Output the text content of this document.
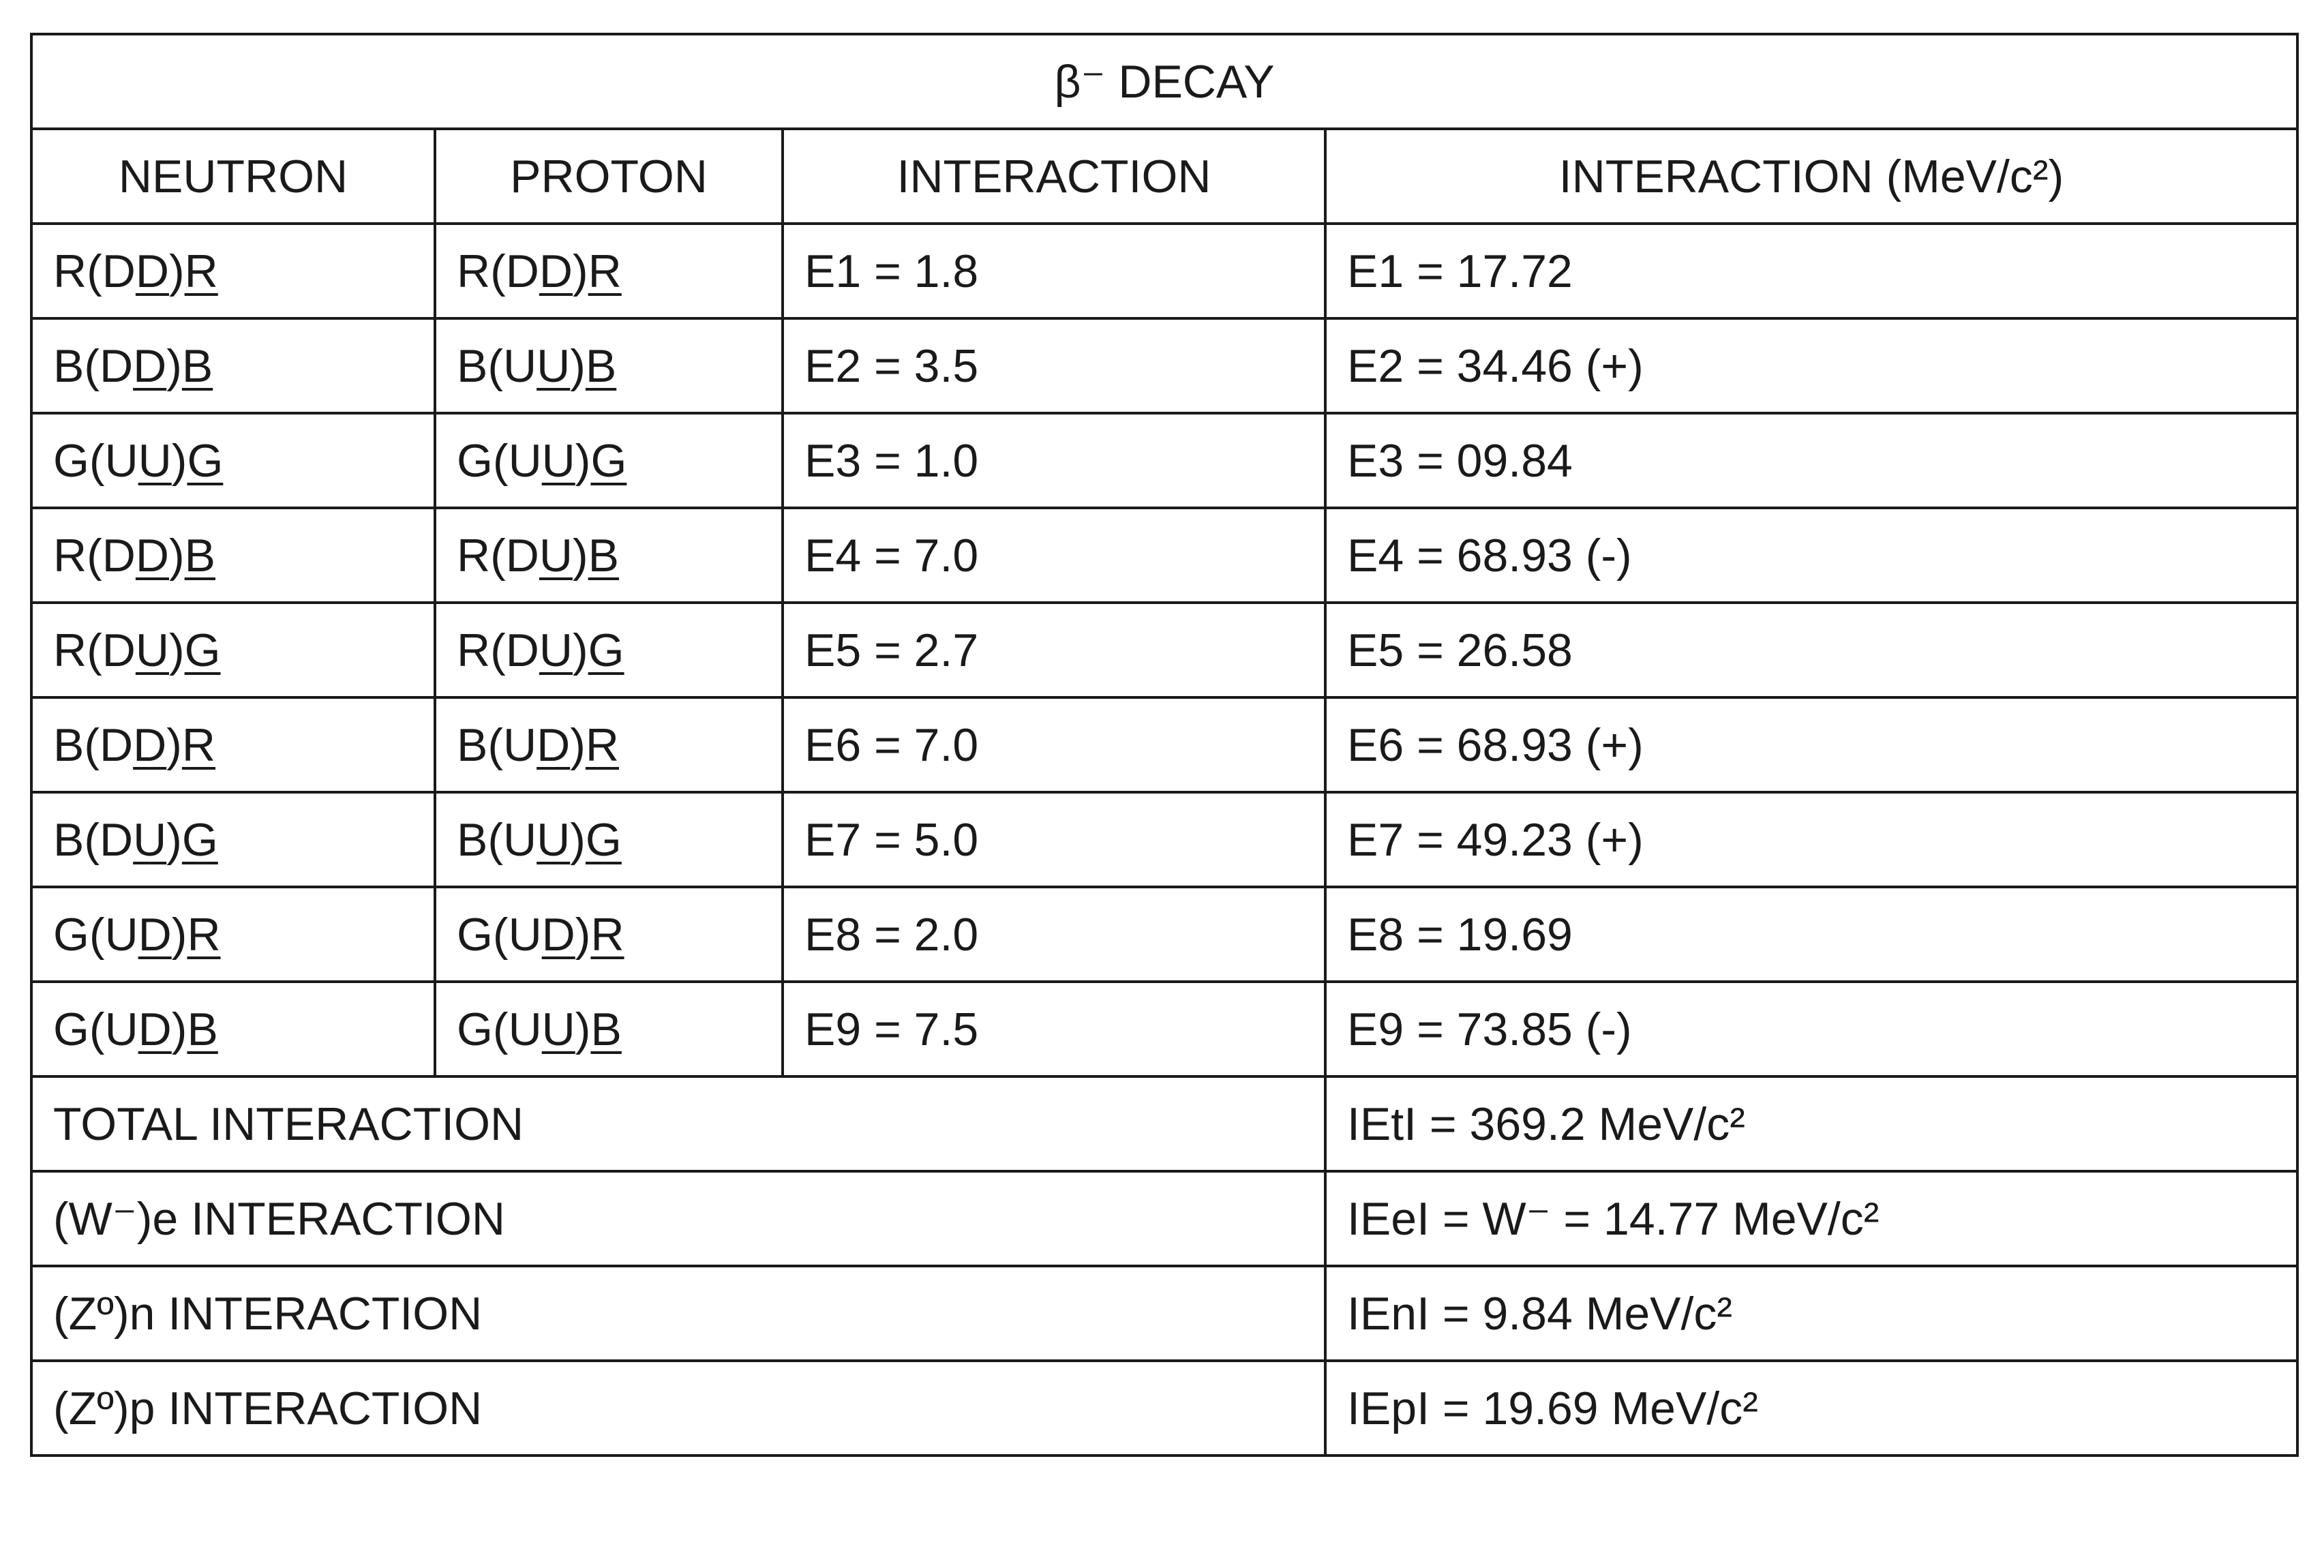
β⁻ DECAY			
NEUTRON	PROTON	INTERACTION	INTERACTION (MeV/c²)
R(DD)R	R(DD)R	E1 = 1.8	E1 = 17.72
B(DD)B	B(UU)B	E2 = 3.5	E2 = 34.46 (+)
G(UU)G	G(UU)G	E3 = 1.0	E3 = 09.84
R(DD)B	R(DU)B	E4 = 7.0	E4 = 68.93 (-)
R(DU)G	R(DU)G	E5 = 2.7	E5 = 26.58
B(DD)R	B(UD)R	E6 = 7.0	E6 = 68.93 (+)
B(DU)G	B(UU)G	E7 = 5.0	E7 = 49.23 (+)
G(UD)R	G(UD)R	E8 = 2.0	E8 = 19.69
G(UD)B	G(UU)B	E9 = 7.5	E9 = 73.85 (-)
TOTAL INTERACTION			IEtI = 369.2 MeV/c²
(W⁻)e INTERACTION			IEeI = W⁻ = 14.77 MeV/c²
(Zº)n INTERACTION			IEnI = 9.84 MeV/c²
(Zº)p INTERACTION			IEpI = 19.69 MeV/c²
